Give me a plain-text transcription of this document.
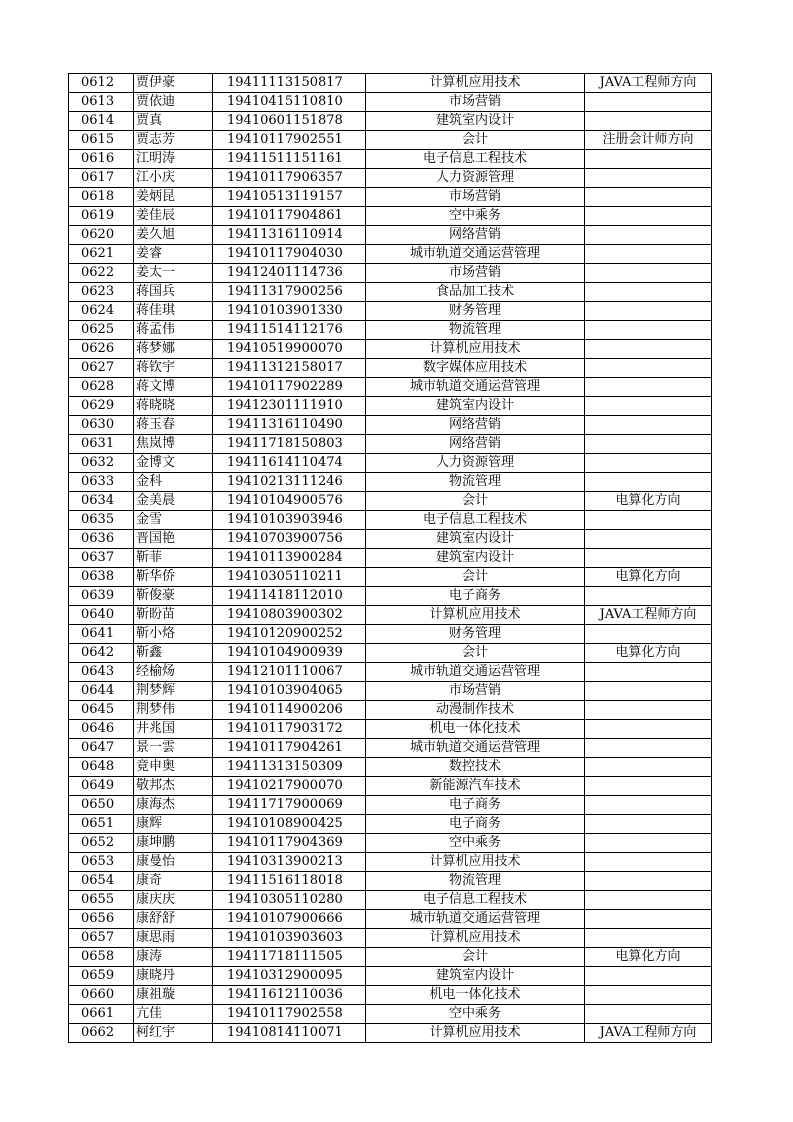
0612	贾伊豪	19411113150817	计算机应用技术	JAVA工程师方向
0613	贾依迪	19410415110810	市场营销	
0614	贾真	19410601151878	建筑室内设计	
0615	贾志芳	19410117902551	会计	注册会计师方向
0616	江明涛	19411511151161	电子信息工程技术	
0617	江小庆	19410117906357	人力资源管理	
0618	姜炳昆	19410513119157	市场营销	
0619	姜佳辰	19410117904861	空中乘务	
0620	姜久旭	19411316110914	网络营销	
0621	姜睿	19410117904030	城市轨道交通运营管理	
0622	姜太一	19412401114736	市场营销	
0623	蒋国兵	19411317900256	食品加工技术	
0624	蒋佳琪	19410103901330	财务管理	
0625	蒋孟伟	19411514112176	物流管理	
0626	蒋梦娜	19410519900070	计算机应用技术	
0627	蒋钦宇	19411312158017	数字媒体应用技术	
0628	蒋文博	19410117902289	城市轨道交通运营管理	
0629	蒋晓晓	19412301111910	建筑室内设计	
0630	蒋玉春	19411316110490	网络营销	
0631	焦岚博	19411718150803	网络营销	
0632	金博文	19411614110474	人力资源管理	
0633	金科	19410213111246	物流管理	
0634	金美晨	19410104900576	会计	电算化方向
0635	金雪	19410103903946	电子信息工程技术	
0636	晋国艳	19410703900756	建筑室内设计	
0637	靳菲	19410113900284	建筑室内设计	
0638	靳华侨	19410305110211	会计	电算化方向
0639	靳俊豪	19411418112010	电子商务	
0640	靳盼苗	19410803900302	计算机应用技术	JAVA工程师方向
0641	靳小烙	19410120900252	财务管理	
0642	靳鑫	19410104900939	会计	电算化方向
0643	经榆炀	19412101110067	城市轨道交通运营管理	
0644	荆梦辉	19410103904065	市场营销	
0645	荆梦伟	19410114900206	动漫制作技术	
0646	井兆国	19410117903172	机电一体化技术	
0647	景一雲	19410117904261	城市轨道交通运营管理	
0648	竟申奥	19411313150309	数控技术	
0649	敬邦杰	19410217900070	新能源汽车技术	
0650	康海杰	19411717900069	电子商务	
0651	康辉	19410108900425	电子商务	
0652	康坤鹏	19410117904369	空中乘务	
0653	康曼怡	19410313900213	计算机应用技术	
0654	康奇	19411516118018	物流管理	
0655	康庆庆	19410305110280	电子信息工程技术	
0656	康舒舒	19410107900666	城市轨道交通运营管理	
0657	康思雨	19410103903603	计算机应用技术	
0658	康涛	19411718111505	会计	电算化方向
0659	康晓丹	19410312900095	建筑室内设计	
0660	康祖璇	19411612110036	机电一体化技术	
0661	亢佳	19410117902558	空中乘务	
0662	柯红宇	19410814110071	计算机应用技术	JAVA工程师方向
